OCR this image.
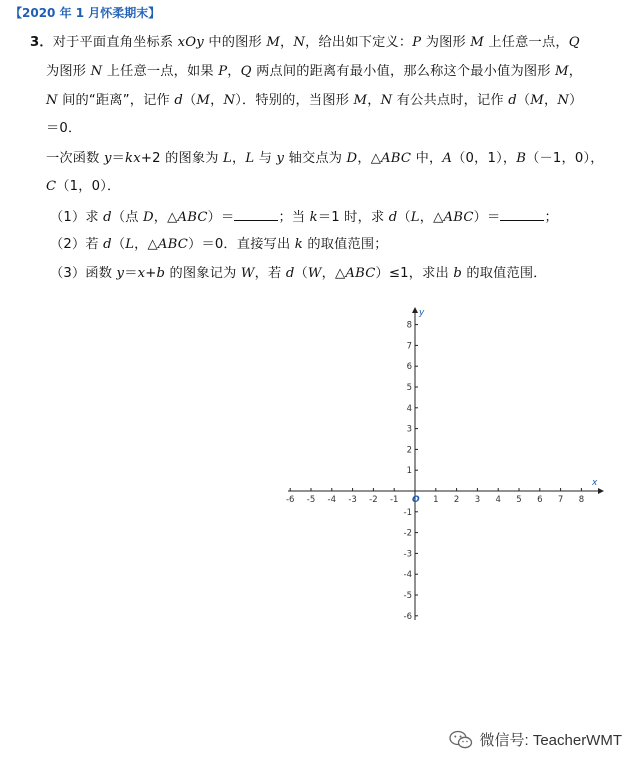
【2020 年 1 月怀柔期末】
3．对于平面直角坐标系 xOy 中的图形 M，N，给出如下定义：P 为图形 M 上任意一点，Q
为图形 N 上任意一点，如果 P，Q 两点间的距离有最小值，那么称这个最小值为图形 M，
N 间的“距离”，记作 d（M，N）．特别的，当图形 M，N 有公共点时，记作 d（M，N）
＝0．
一次函数 y＝kx+2 的图象为 L，L 与 y 轴交点为 D，△ABC 中，A（0，1），B（－1，0），
C（1，0）．
（1）求 d（点 D，△ABC）＝	；当 k＝1 时，求 d（L，△ABC）＝	；
（2）若 d（L，△ABC）＝0．直接写出 k 的取值范围；
（3）函数 y＝x+b 的图象记为 W，若 d（W，△ABC）≤1，求出 b 的取值范围．
x
y
O
-6 -5 -4 -3 -2 -1	1 2 3 4 5 6 7 8
8
7
6
5
4
3
2
1
-1
-2
-3
-4
-5
-6
微信号: TeacherWMT
